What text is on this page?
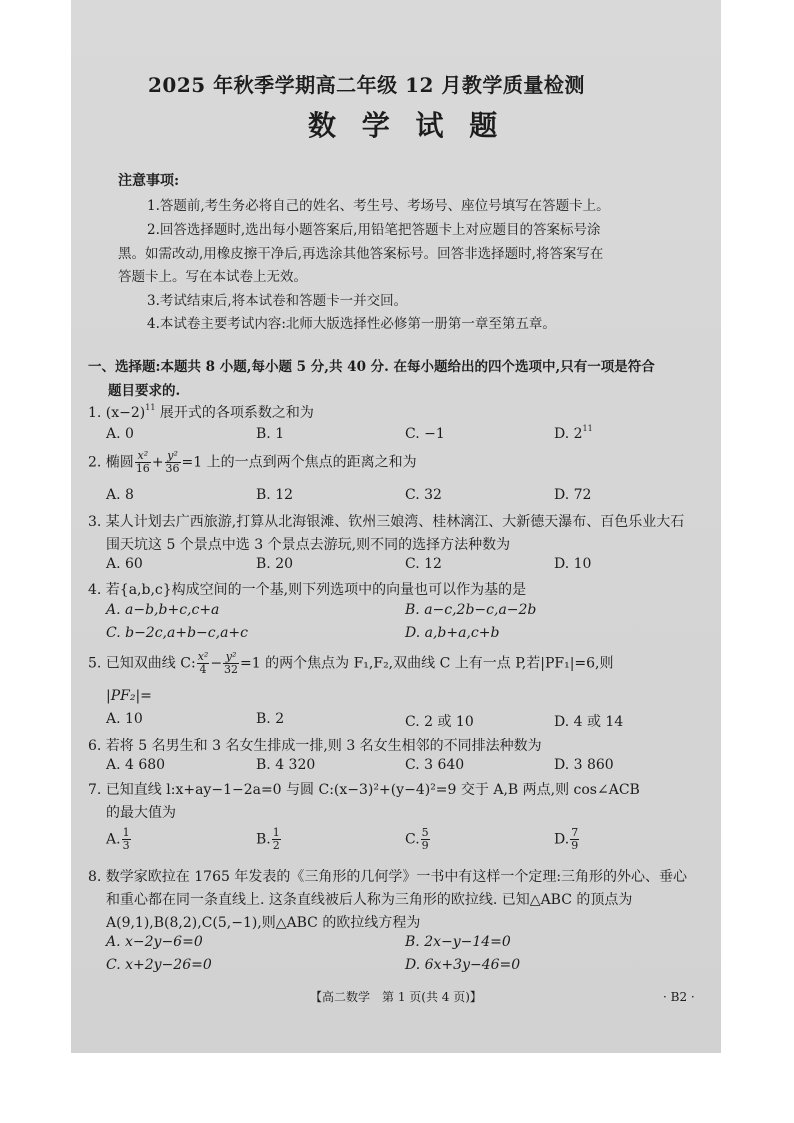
2025 年秋季学期高二年级 12 月教学质量检测
数 学 试 题
注意事项:
1.答题前,考生务必将自己的姓名、考生号、考场号、座位号填写在答题卡上。
2.回答选择题时,选出每小题答案后,用铅笔把答题卡上对应题目的答案标号涂
黑。如需改动,用橡皮擦干净后,再选涂其他答案标号。回答非选择题时,将答案写在
答题卡上。写在本试卷上无效。
3.考试结束后,将本试卷和答题卡一并交回。
4.本试卷主要考试内容:北师大版选择性必修第一册第一章至第五章。
一、选择题:本题共 8 小题,每小题 5 分,共 40 分. 在每小题给出的四个选项中,只有一项是符合
题目要求的.
1. $(x-2)^{11}$ 展开式的各项系数之和为
A. 0	B. 1	C. −1	D. $2^{11}$
2. 椭圆 $\frac{\text{x²}}{16} + \frac{\text{y²}}{36} =1$ 上的一点到两个焦点的距离之和为
A. 8	B. 12	C. 32	D. 72
3. 某人计划去广西旅游,打算从北海银滩、钦州三娘湾、桂林漓江、大新德天瀑布、百色乐业大石
围天坑这 5 个景点中选 3 个景点去游玩,则不同的选择方法种数为
A. 60	B. 20	C. 12	D. 10
4. 若{a,b,c}构成空间的一个基,则下列选项中的向量也可以作为基的是
A. a−b,b+c,c+a	B. a−c,2b−c,a−2b
C. b−2c,a+b−c,a+c	D. a,b+a,c+b
5. 已知双曲线 C: $\frac{\text{x²}}{4} - \frac{\text{y²}}{32} =1$ 的两个焦点为 F₁,F₂,双曲线 C 上有一点 P,若|PF₁|=6,则
|PF₂|=
A. 10	B. 2	C. 2 或 10	D. 4 或 14
6. 若将 5 名男生和 3 名女生排成一排,则 3 名女生相邻的不同排法种数为
A. 4 680	B. 4 320	C. 3 640	D. 3 860
7. 已知直线 l:x+ay−1−2a=0 与圆 C:(x−3)²+(y−4)²=9 交于 A,B 两点,则 cos∠ACB
的最大值为
A. $\frac{1}{3}$	B. $\frac{1}{2}$	C. $\frac{5}{9}$	D. $\frac{7}{9}$
8. 数学家欧拉在 1765 年发表的《三角形的几何学》一书中有这样一个定理:三角形的外心、垂心
和重心都在同一条直线上. 这条直线被后人称为三角形的欧拉线. 已知△ABC 的顶点为
A(9,1),B(8,2),C(5,−1),则△ABC 的欧拉线方程为
A. x−2y−6=0	B. 2x−y−14=0
C. x+2y−26=0	D. 6x+3y−46=0
【高二数学　第 1 页(共 4 页)】	· B2 ·
